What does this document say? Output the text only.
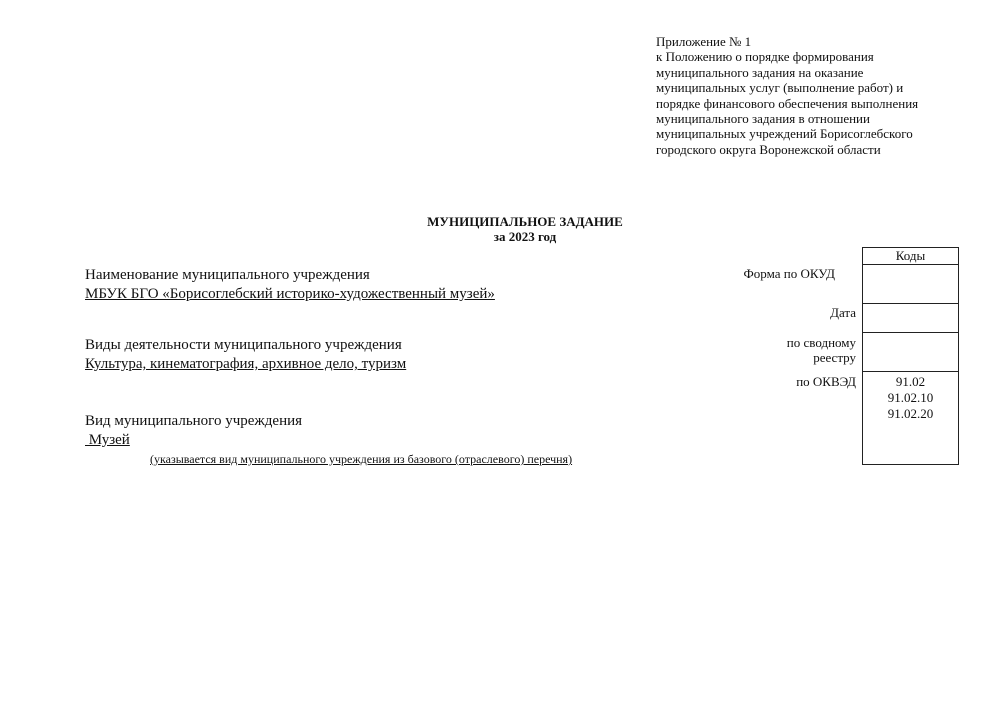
Приложение № 1
к Положению о порядке формирования
муниципального задания на оказание
муниципальных услуг (выполнение работ) и
порядке финансового обеспечения выполнения
муниципального задания в отношении
муниципальных учреждений Борисоглебского
городского округа Воронежской области
МУНИЦИПАЛЬНОЕ ЗАДАНИЕ
за 2023 год
Наименование муниципального учреждения
МБУК БГО «Борисоглебский историко-художественный музей»
Виды деятельности муниципального учреждения
Культура, кинематография, архивное дело, туризм
Вид муниципального учреждения
Музей
(указывается вид муниципального учреждения из базового (отраслевого) перечня)
Форма по ОКУД
Дата
по сводному
реестру
по ОКВЭД
Коды
91.02
91.02.10
91.02.20
